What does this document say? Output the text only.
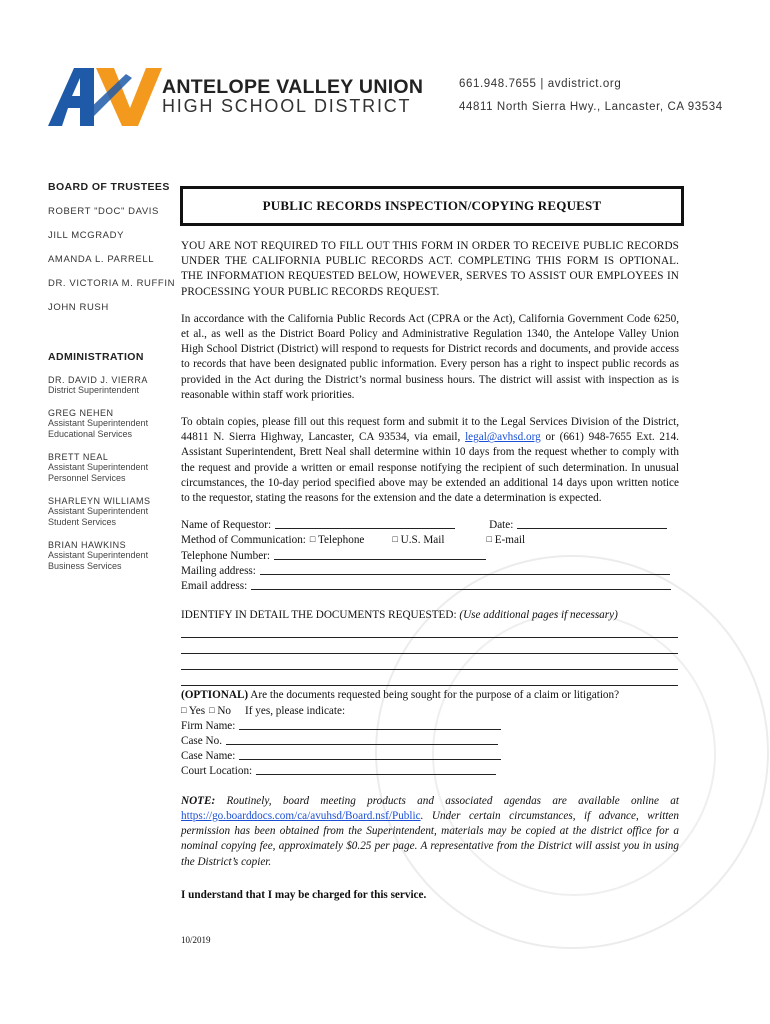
ANTELOPE VALLEY UNION
HIGH SCHOOL DISTRICT
661.948.7655 | avdistrict.org
44811 North Sierra Hwy., Lancaster, CA 93534
BOARD OF TRUSTEES
ROBERT "DOC" DAVIS
JILL MCGRADY
AMANDA L. PARRELL
DR. VICTORIA M. RUFFIN
JOHN RUSH
ADMINISTRATION
DR. DAVID J. VIERRA
District Superintendent
GREG NEHEN
Assistant Superintendent Educational Services
BRETT NEAL
Assistant Superintendent Personnel Services
SHARLEYN WILLIAMS
Assistant Superintendent Student Services
BRIAN HAWKINS
Assistant Superintendent Business Services
PUBLIC RECORDS INSPECTION/COPYING REQUEST

YOU ARE NOT REQUIRED TO FILL OUT THIS FORM IN ORDER TO RECEIVE PUBLIC RECORDS UNDER THE CALIFORNIA PUBLIC RECORDS ACT. COMPLETING THIS FORM IS OPTIONAL. THE INFORMATION REQUESTED BELOW, HOWEVER, SERVES TO ASSIST OUR EMPLOYEES IN PROCESSING YOUR PUBLIC RECORDS REQUEST.

In accordance with the California Public Records Act (CPRA or the Act), California Government Code 6250, et al., as well as the District Board Policy and Administrative Regulation 1340, the Antelope Valley Union High School District (District) will respond to requests for District records and documents, and provide access to records that have been designated public information. Every person has a right to inspect public records as provided in the Act during the District’s normal business hours. The district will assist with inspection as is reasonable within staff work priorities.

To obtain copies, please fill out this request form and submit it to the Legal Services Division of the District, 44811 N. Sierra Highway, Lancaster, CA 93534, via email, legal@avhsd.org or (661) 948-7655 Ext. 214. Assistant Superintendent, Brett Neal shall determine within 10 days from the request whether to comply with the request and provide a written or email response notifying the recipient of such determination. In unusual circumstances, the 10-day period specified above may be extended an additional 14 days upon written notice to the requestor, stating the reasons for the extension and the date a determination is expected.

Name of Requestor:	Date:
Method of Communication: □ Telephone	□ U.S. Mail	□ E-mail
Telephone Number:
Mailing address:
Email address:
IDENTIFY IN DETAIL THE DOCUMENTS REQUESTED: (Use additional pages if necessary)
(OPTIONAL) Are the documents requested being sought for the purpose of a claim or litigation?
□ Yes □ No If yes, please indicate:
Firm Name:
Case No.
Case Name:
Court Location:

NOTE: Routinely, board meeting products and associated agendas are available online at https://go.boarddocs.com/ca/avuhsd/Board.nsf/Public. Under certain circumstances, if advance, written permission has been obtained from the Superintendent, materials may be copied at the district office for a nominal copying fee, approximately $0.25 per page. A representative from the District will assist you in using the District’s copier.

I understand that I may be charged for this service.
10/2019
